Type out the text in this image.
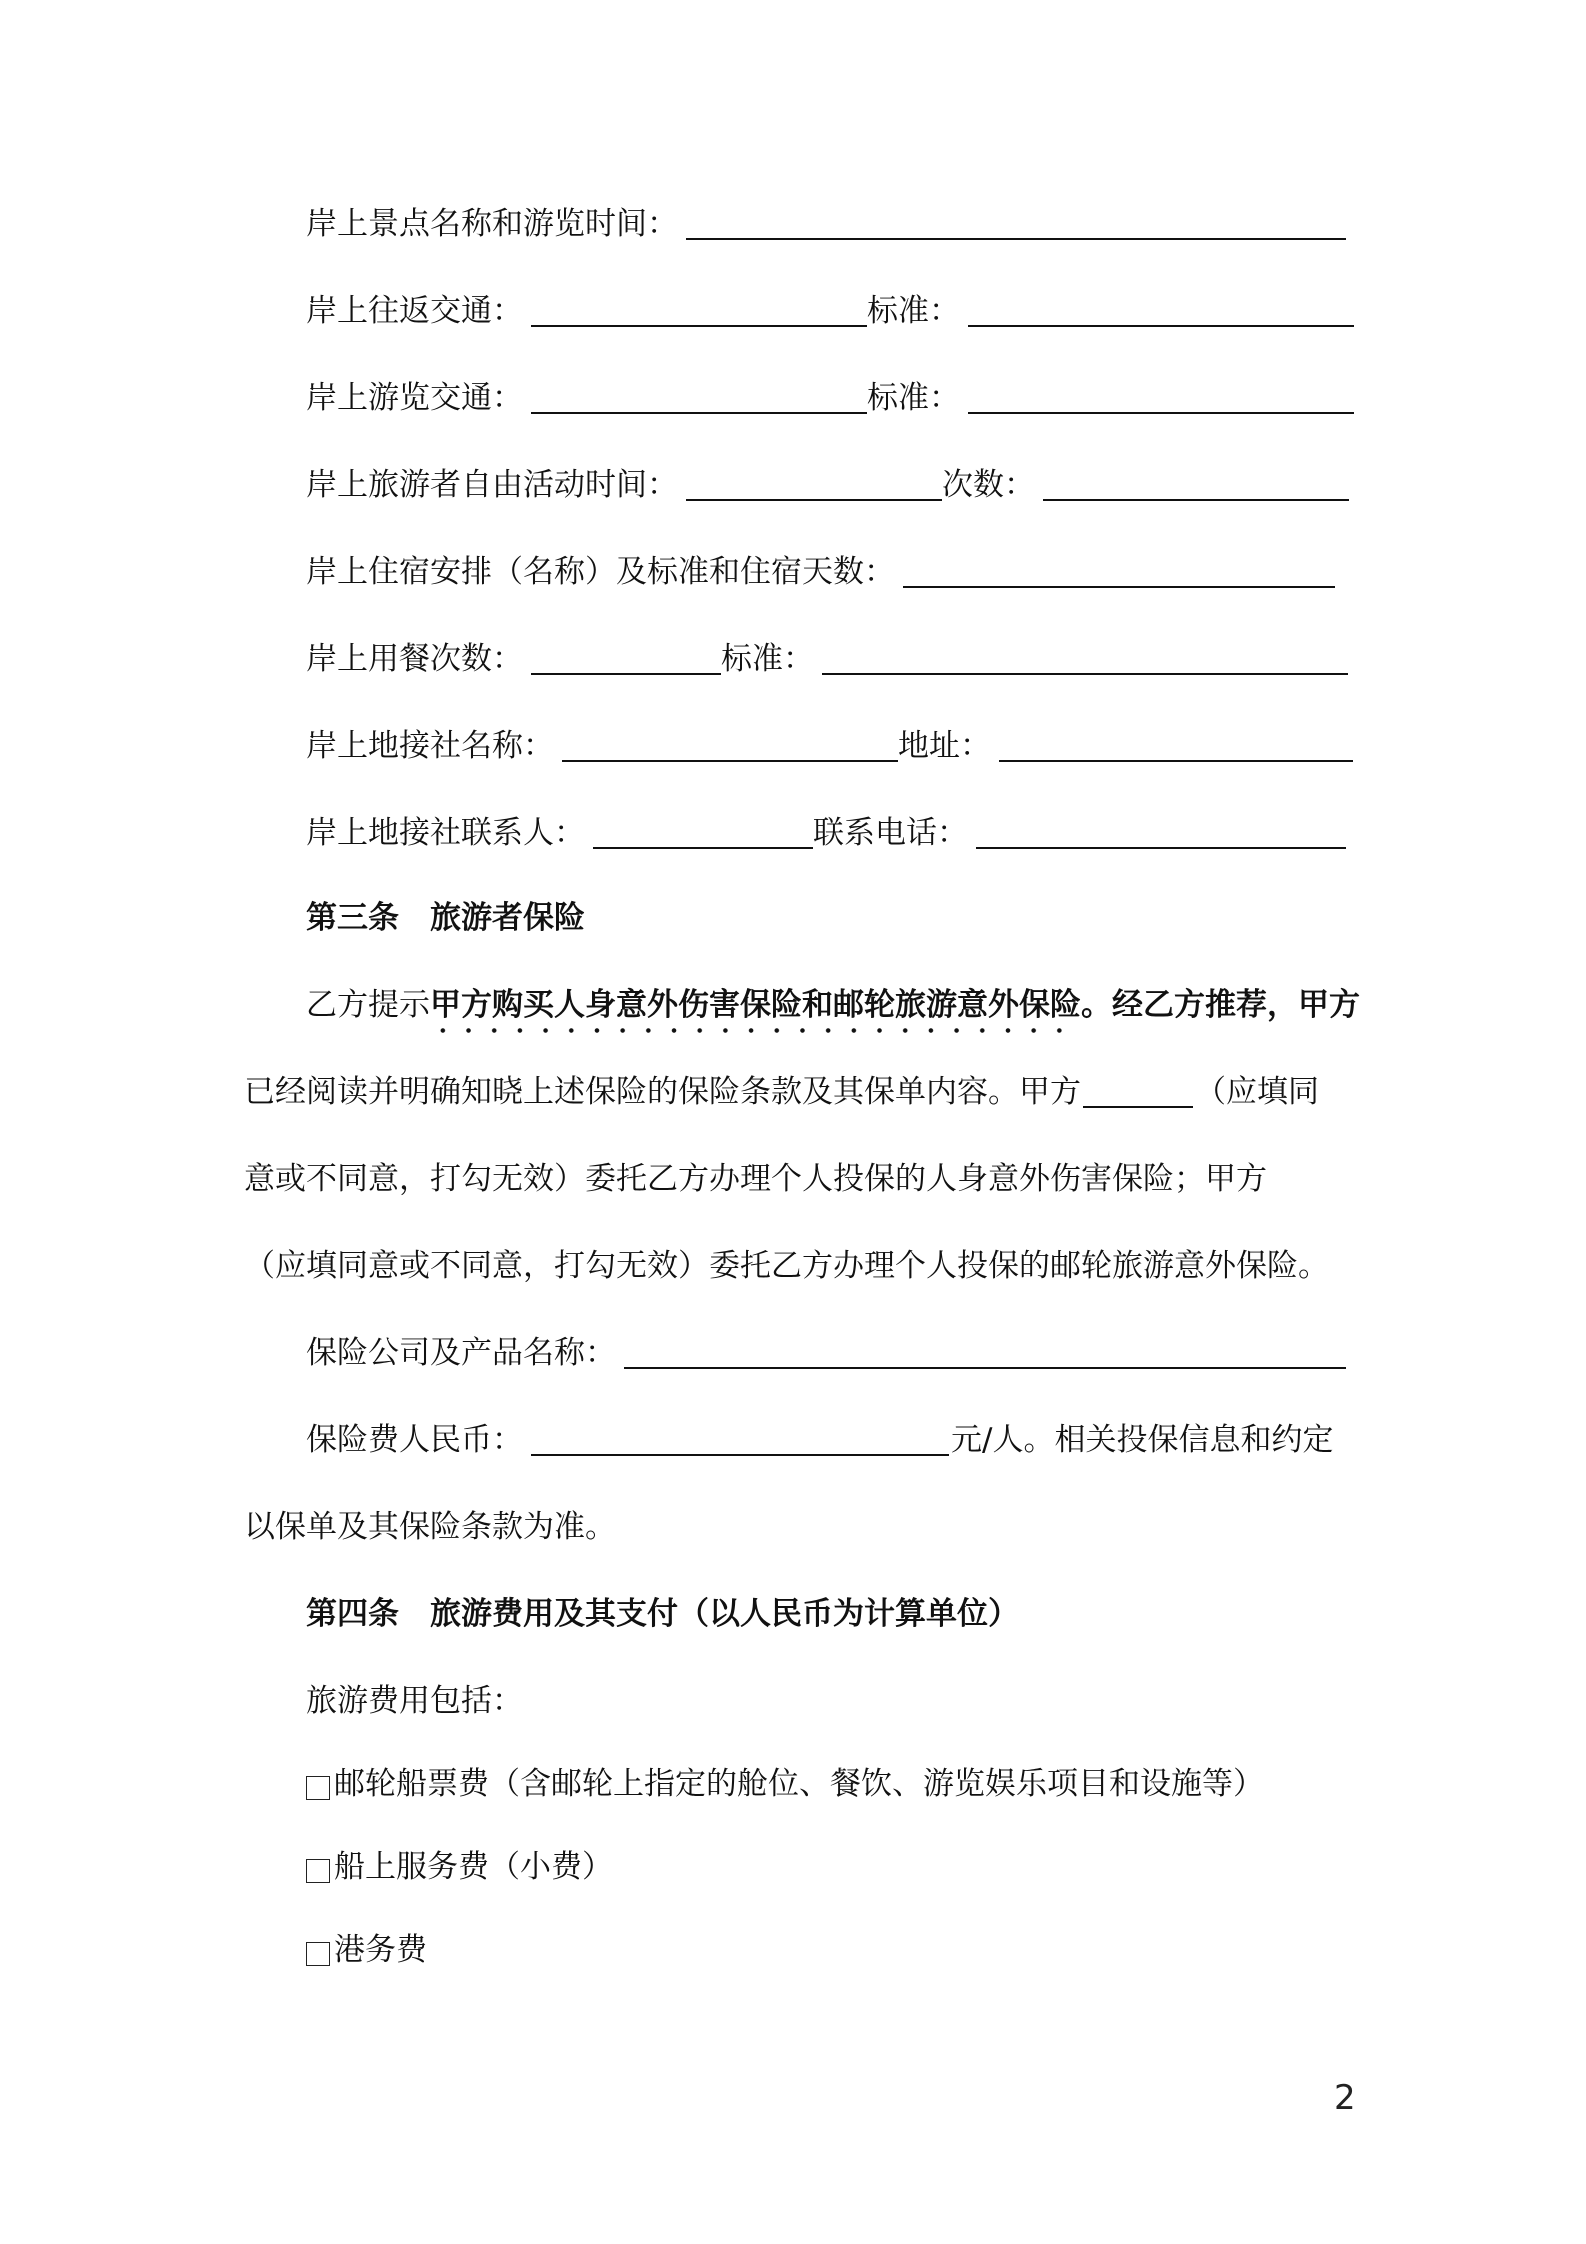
岸上景点名称和游览时间：
岸上往返交通：	标准：
岸上游览交通：	标准：
岸上旅游者自由活动时间：	次数：
岸上住宿安排（名称）及标准和住宿天数：
岸上用餐次数：	标准：
岸上地接社名称：	地址：
岸上地接社联系人：	联系电话：
第三条　旅游者保险
乙方提示 甲方购买人身意外伤害保险和邮轮旅游意外保险 。经乙方推荐，甲方
已经阅读并明确知晓上述保险的保险条款及其保单内容。甲方	（应填同
意或不同意，打勾无效）委托乙方办理个人投保的人身意外伤害保险；甲方
（应填同意或不同意，打勾无效）委托乙方办理个人投保的邮轮旅游意外保险。
保险公司及产品名称：
保险费人民币：	元/人。相关投保信息和约定
以保单及其保险条款为准。
第四条　旅游费用及其支付（以人民币为计算单位）
旅游费用包括：
邮轮船票费（含邮轮上指定的舱位、餐饮、游览娱乐项目和设施等）
船上服务费（小费）
港务费
2
